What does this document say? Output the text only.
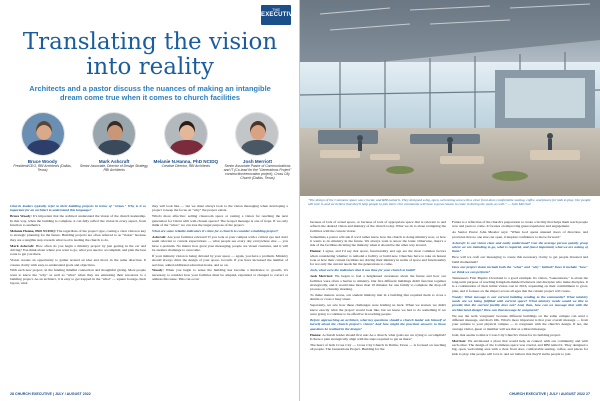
THE
EXECUTIVE
Translating the vision
into reality
Architects and a pastor discuss the nuances of making an intangible dream come true when it comes to church facilities
Bruce Woody
President/CEO, RBI Architects (Dallas, Texas)
Mark Ashcraft
Senior Associate, Director of Design Strategy, RBI Architects
Melanie N.Hanna, PhD NCIDQ
Creative Director, RBI Architects
Josh Merriott
Senior Associate Pastor of Communications and IT (Co-lead for the "Generations Project" construction/renovation project), Cross City Church (Dallas, Texas)

Church leaders typically refer to their building projects in terms of "vision." Why is it so important for an architect to understand this language?

Bruce Woody: It's important that the architect understand the vision of the church leadership. In that way, when the building is complete, it can fully reflect the vision in every aspect, from function to aesthetics.

Melanie Hanna, PhD NCIDQ: The regardless of the project type, casting a clear vision is key to strategic planning for the future. Building projects are often referred to as "vision" because they are a tangible step towards what God is leading the church to do.

Mark Ashcraft: How often do you begin a ministry project by just getting in the car and driving? You think about where you want to go, what you need to accomplish, and plan the best route to get you there.

Vision creates an opportunity to gather around an idea and move in the same direction. It creates clarity with easy-to-understand goals and objectives.

With each new project, in the funding mindful connection and thoughtful giving. Most people want to know the "why" as well as "what" when they are entrusting their resources to a building project. As an architect, it is easy to get trapped in the "what" — square footage, their layout, what

they will look like — but we must always look to the vision messaging when developing a project to keep the focus on "why" the project exists.

What's more effective: selling classroom space or casting a vision for reaching the next generation for Christ with well-chosen spaces? The Gospel message is one of hope. If we only think of the "what," we can lose the larger purpose of the project.

What are some reliable indicators it's time for a church to consider a building project?

Ashcraft: Are your facilities relevant? If you look at your campus with a critical eye and don't seem relevant to current expectations — what people see every day everywhere else — you have a problem. No matter how great your messaging, people are visual creatures, and it will be another challenge to overcome.

If your ministry vision is being dictated by your space — again, you have a problem. Ministry should always drive the design of your space. Growth. If you have increased the number of services, added additional education hours, and so on.

Woody: When you begin to sense the building has become a hindrance to growth, it's necessary to consider how your facilities must be adapted, expanded or changed to correct or address this issue. This can occur

28 CHURCH EXECUTIVE | JULY / AUGUST 2022
"The design of the Commons space was crucial, and RBI nailed it. They designed a big, open, welcoming area with a clear front door, comfortable seating, coffee, and places for kids to play. Our people will love it, and we believe that they'll help people to join them. Our community will have a great reason to come in during the week, as well." — Josh Merriott

because of lack of actual space, or because of lack of appropriate space that is relevant to and reflects the desired vision and ministry of the church today. What we do is about realigning the facilities with the current vision.

Sometimes a pastor will ask if we'd rather know how the church is doing ministry now, or how it wants to do ministry in the future. We always want to know the latter. Otherwise, there's a risk of the facilities dictating the ministry when it should be the other way around.

Hanna: I agree, and I'd say that space, functionality and age are the most common factors when considering whether to remodel a facility or build new. Churches have to take an honest look at how their current facilities are driving their ministry in terms of space and functionality for not only the current needs but the generations to come.

Josh, what were the indicators that it was time for your church to build?

Josh Merriott: We began to feel a heightened awareness about the future and how our facilities were often a barrier to ministry. Our five different buildings didn't function together strategically, and it would take more than 10 minutes for one family to complete the drop-off process on a Sunday morning.

To make matters worse, our student ministry met in a building that required them to cross a shuttle or cross a busy street.

Separately, we saw how these challenges were holding us back. When we started, we didn't know exactly what the project would look like, but we knew we had to do something if we were going to continue to be effective in reaching people.

Before approaching an architect, what key questions should a church leader ask himself or herself about the church project's vision? And how might the practical answers to those questions be realized in the design?

Hanna: A church leader should first ask: As a church, what goals are we trying to accomplish? Is there a plan strategically align with the steps required to get us there?

The heart of both Cross City — Cross City Church in Dallas, Texas — is focused on reaching all people. The Generations Project. Building for the

Future is a reflection of the church's preparation to create a facility that helps them reach people now and years to come. It focuses on improving guest experience and engagement.

As Senior Pastor John Meador says: "When God opens unusual doors of direction, and provision that no one else can open, it inspires confidence to move forward."

Ashcraft: Is our vision clear and easily understood? Can the average person quickly grasp where we are intending to go, what is required, and (most important) what we are asking of them?

How will we craft our messaging to create this necessary clarity to get people invested and build momentum?

Does our project vision include both the "what" and "why" behind? Does it include "how" we think we can perform?

Tennessee's First Baptist Cleveland is a good example. Its vision, "Generations," is about the long-term purpose of reaching Kingdom-minded believers and disciples who make disciples. It is a continuation of their initial vision cast in 2016, expanding on their commitment to grow, plan, and it focuses on the impact across all ages that the current project will create.

Woody: What message is our current building sending to the community? What ministry needs are we being fulfilled with current space? What ministry needs would we like to provide that the current facility does not? And, then, how can we message that with the architectural design? How can that message be congruent?

We use the term 'congruent' because different buildings on the same campus can send a different message, and that's OK. What's more important is that your overall message — from your website to your physical campus — is congruent with the church's design. If not, the average visitor, guest or member will see that as a mixed message.

Josh, that seems to mirror Cross City Church's vision for its building project.

Merriott: We envisioned a place that would help us connect with our community and with each other. The design of the Commons space was crucial, and RBI nailed it. They designed a big, open, welcoming area with a clear front door, comfortable seating, coffee, and places for kids to play. Our people will love it, and we believe that they'll invite people to join

CHURCH EXECUTIVE | JULY / AUGUST 2022 27
